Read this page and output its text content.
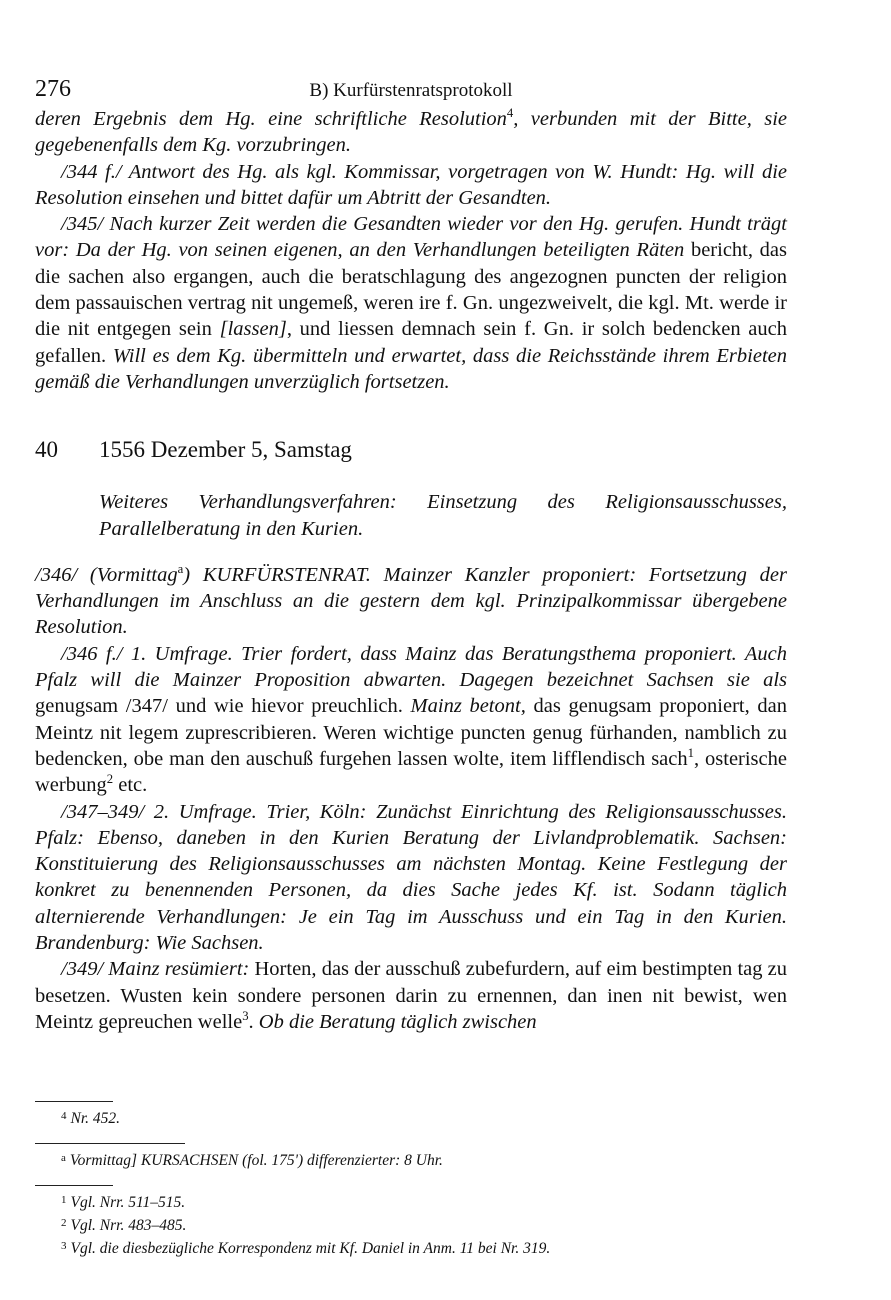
276	B) Kurfürstenratsprotokoll

deren Ergebnis dem Hg. eine schriftliche Resolution$^4$, verbunden mit der Bitte, sie gegebenenfalls dem Kg. vorzubringen.

/344 f./ Antwort des Hg. als kgl. Kommissar, vorgetragen von W. Hundt: Hg. will die Resolution einsehen und bittet dafür um Abtritt der Gesandten.

/345/ Nach kurzer Zeit werden die Gesandten wieder vor den Hg. gerufen. Hundt trägt vor: Da der Hg. von seinen eigenen, an den Verhandlungen beteiligten Räten bericht, das die sachen also ergangen, auch die beratschlagung des angezognen puncten der religion dem passauischen vertrag nit ungemeß, weren ire f. Gn. ungezweivelt, die kgl. Mt. werde ir die nit entgegen sein [lassen], und liessen demnach sein f. Gn. ir solch bedencken auch gefallen. Will es dem Kg. übermitteln und erwartet, dass die Reichsstände ihrem Erbieten gemäß die Verhandlungen unverzüglich fortsetzen.

40	1556 Dezember 5, Samstag

Weiteres Verhandlungsverfahren: Einsetzung des Religionsausschusses, Parallelberatung in den Kurien.

/346/ (Vormittag$^a$) KURFÜRSTENRAT. Mainzer Kanzler proponiert: Fortsetzung der Verhandlungen im Anschluss an die gestern dem kgl. Prinzipalkommissar übergebene Resolution.

/346 f./ 1. Umfrage. Trier fordert, dass Mainz das Beratungsthema proponiert. Auch Pfalz will die Mainzer Proposition abwarten. Dagegen bezeichnet Sachsen sie als genugsam /347/ und wie hievor preuchlich. Mainz betont, das genugsam proponiert, dan Meintz nit legem zuprescribieren. Weren wichtige puncten genug fürhanden, namblich zu bedencken, obe man den auschuß furgehen lassen wolte, item lifflendisch sach$^1$, osterische werbung$^2$ etc.

/347–349/ 2. Umfrage. Trier, Köln: Zunächst Einrichtung des Religionsausschusses. Pfalz: Ebenso, daneben in den Kurien Beratung der Livlandproblematik. Sachsen: Konstituierung des Religionsausschusses am nächsten Montag. Keine Festlegung der konkret zu benennenden Personen, da dies Sache jedes Kf. ist. Sodann täglich alternierende Verhandlungen: Je ein Tag im Ausschuss und ein Tag in den Kurien. Brandenburg: Wie Sachsen.

/349/ Mainz resümiert: Horten, das der ausschuß zubefurdern, auf eim bestimpten tag zu besetzen. Wusten kein sondere personen darin zu ernennen, dan inen nit bewist, wen Meintz gepreuchen welle$^3$. Ob die Beratung täglich zwischen

$^4$ Nr. 452.
$^a$ Vormittag] KURSACHSEN (fol. 175') differenzierter: 8 Uhr.
$^1$ Vgl. Nrr. 511–515.
$^2$ Vgl. Nrr. 483–485.
$^3$ Vgl. die diesbezügliche Korrespondenz mit Kf. Daniel in Anm. 11 bei Nr. 319.
